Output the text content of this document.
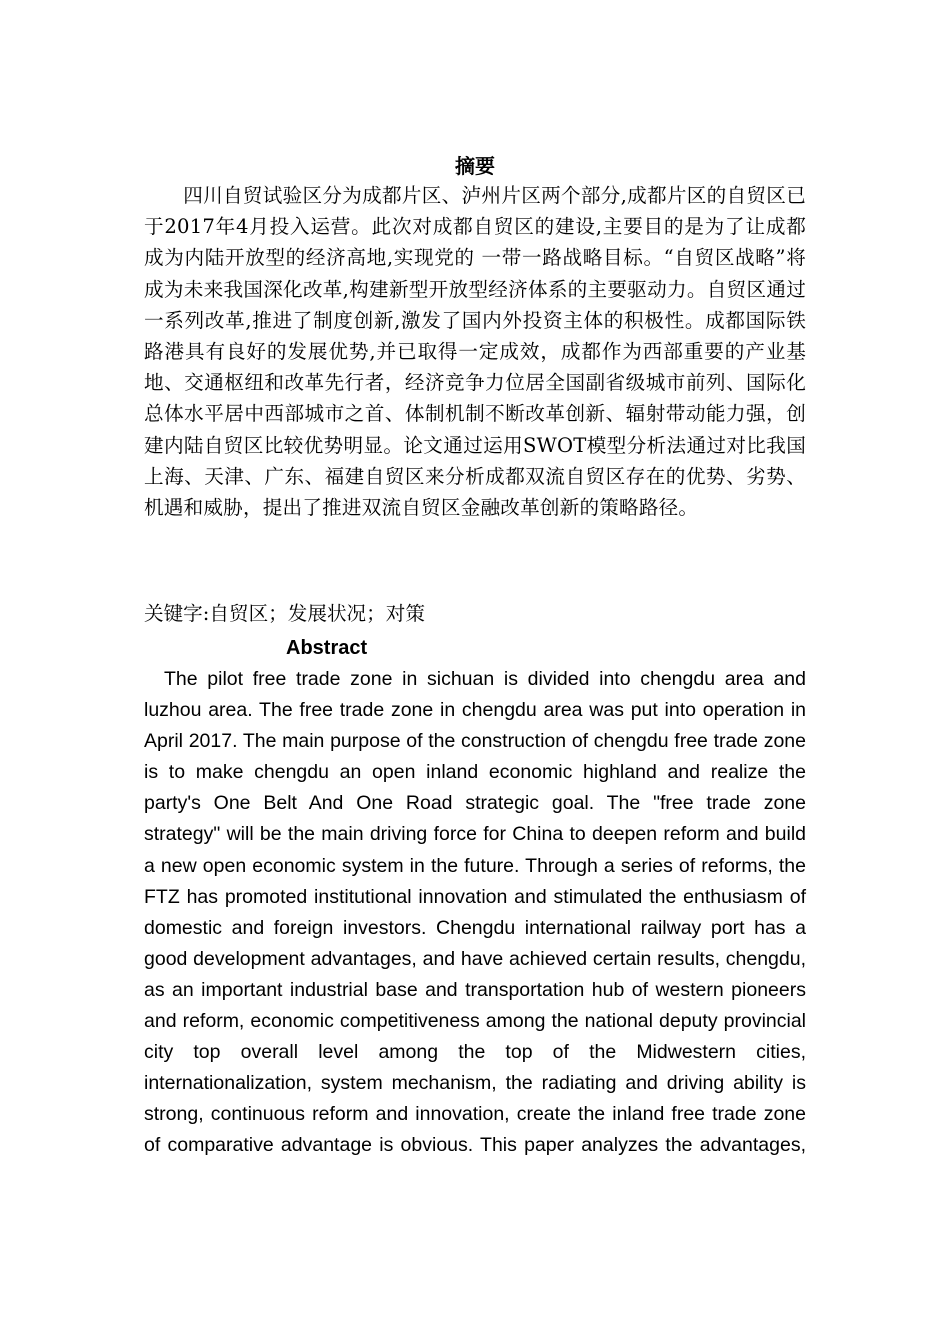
摘要

四川自贸试验区分为成都片区、泸州片区两个部分,成都片区的自贸区已于2017年4月投入运营。此次对成都自贸区的建设,主要目的是为了让成都成为内陆开放型的经济高地,实现党的 一带一路战略目标。“自贸区战略”将成为未来我国深化改革,构建新型开放型经济体系的主要驱动力。自贸区通过一系列改革,推进了制度创新,激发了国内外投资主体的积极性。成都国际铁路港具有良好的发展优势,并已取得一定成效，成都作为西部重要的产业基地、交通枢纽和改革先行者，经济竞争力位居全国副省级城市前列、国际化总体水平居中西部城市之首、体制机制不断改革创新、辐射带动能力强，创建内陆自贸区比较优势明显。论文通过运用SWOT模型分析法通过对比我国上海、天津、广东、福建自贸区来分析成都双流自贸区存在的优势、劣势、机遇和威胁，提出了推进双流自贸区金融改革创新的策略路径。

关键字:自贸区；发展状况；对策

Abstract

The pilot free trade zone in sichuan is divided into chengdu area and luzhou area. The free trade zone in chengdu area was put into operation in April 2017. The main purpose of the construction of chengdu free trade zone is to make chengdu an open inland economic highland and realize the party's One Belt And One Road strategic goal. The "free trade zone strategy" will be the main driving force for China to deepen reform and build a new open economic system in the future. Through a series of reforms, the FTZ has promoted institutional innovation and stimulated the enthusiasm of domestic and foreign investors. Chengdu international railway port has a good development advantages, and have achieved certain results, chengdu, as an important industrial base and transportation hub of western pioneers and reform, economic competitiveness among the national deputy provincial city top overall level among the top of the Midwestern cities, internationalization, system mechanism, the radiating and driving ability is strong, continuous reform and innovation, create the inland free trade zone of comparative advantage is obvious. This paper analyzes the advantages,
